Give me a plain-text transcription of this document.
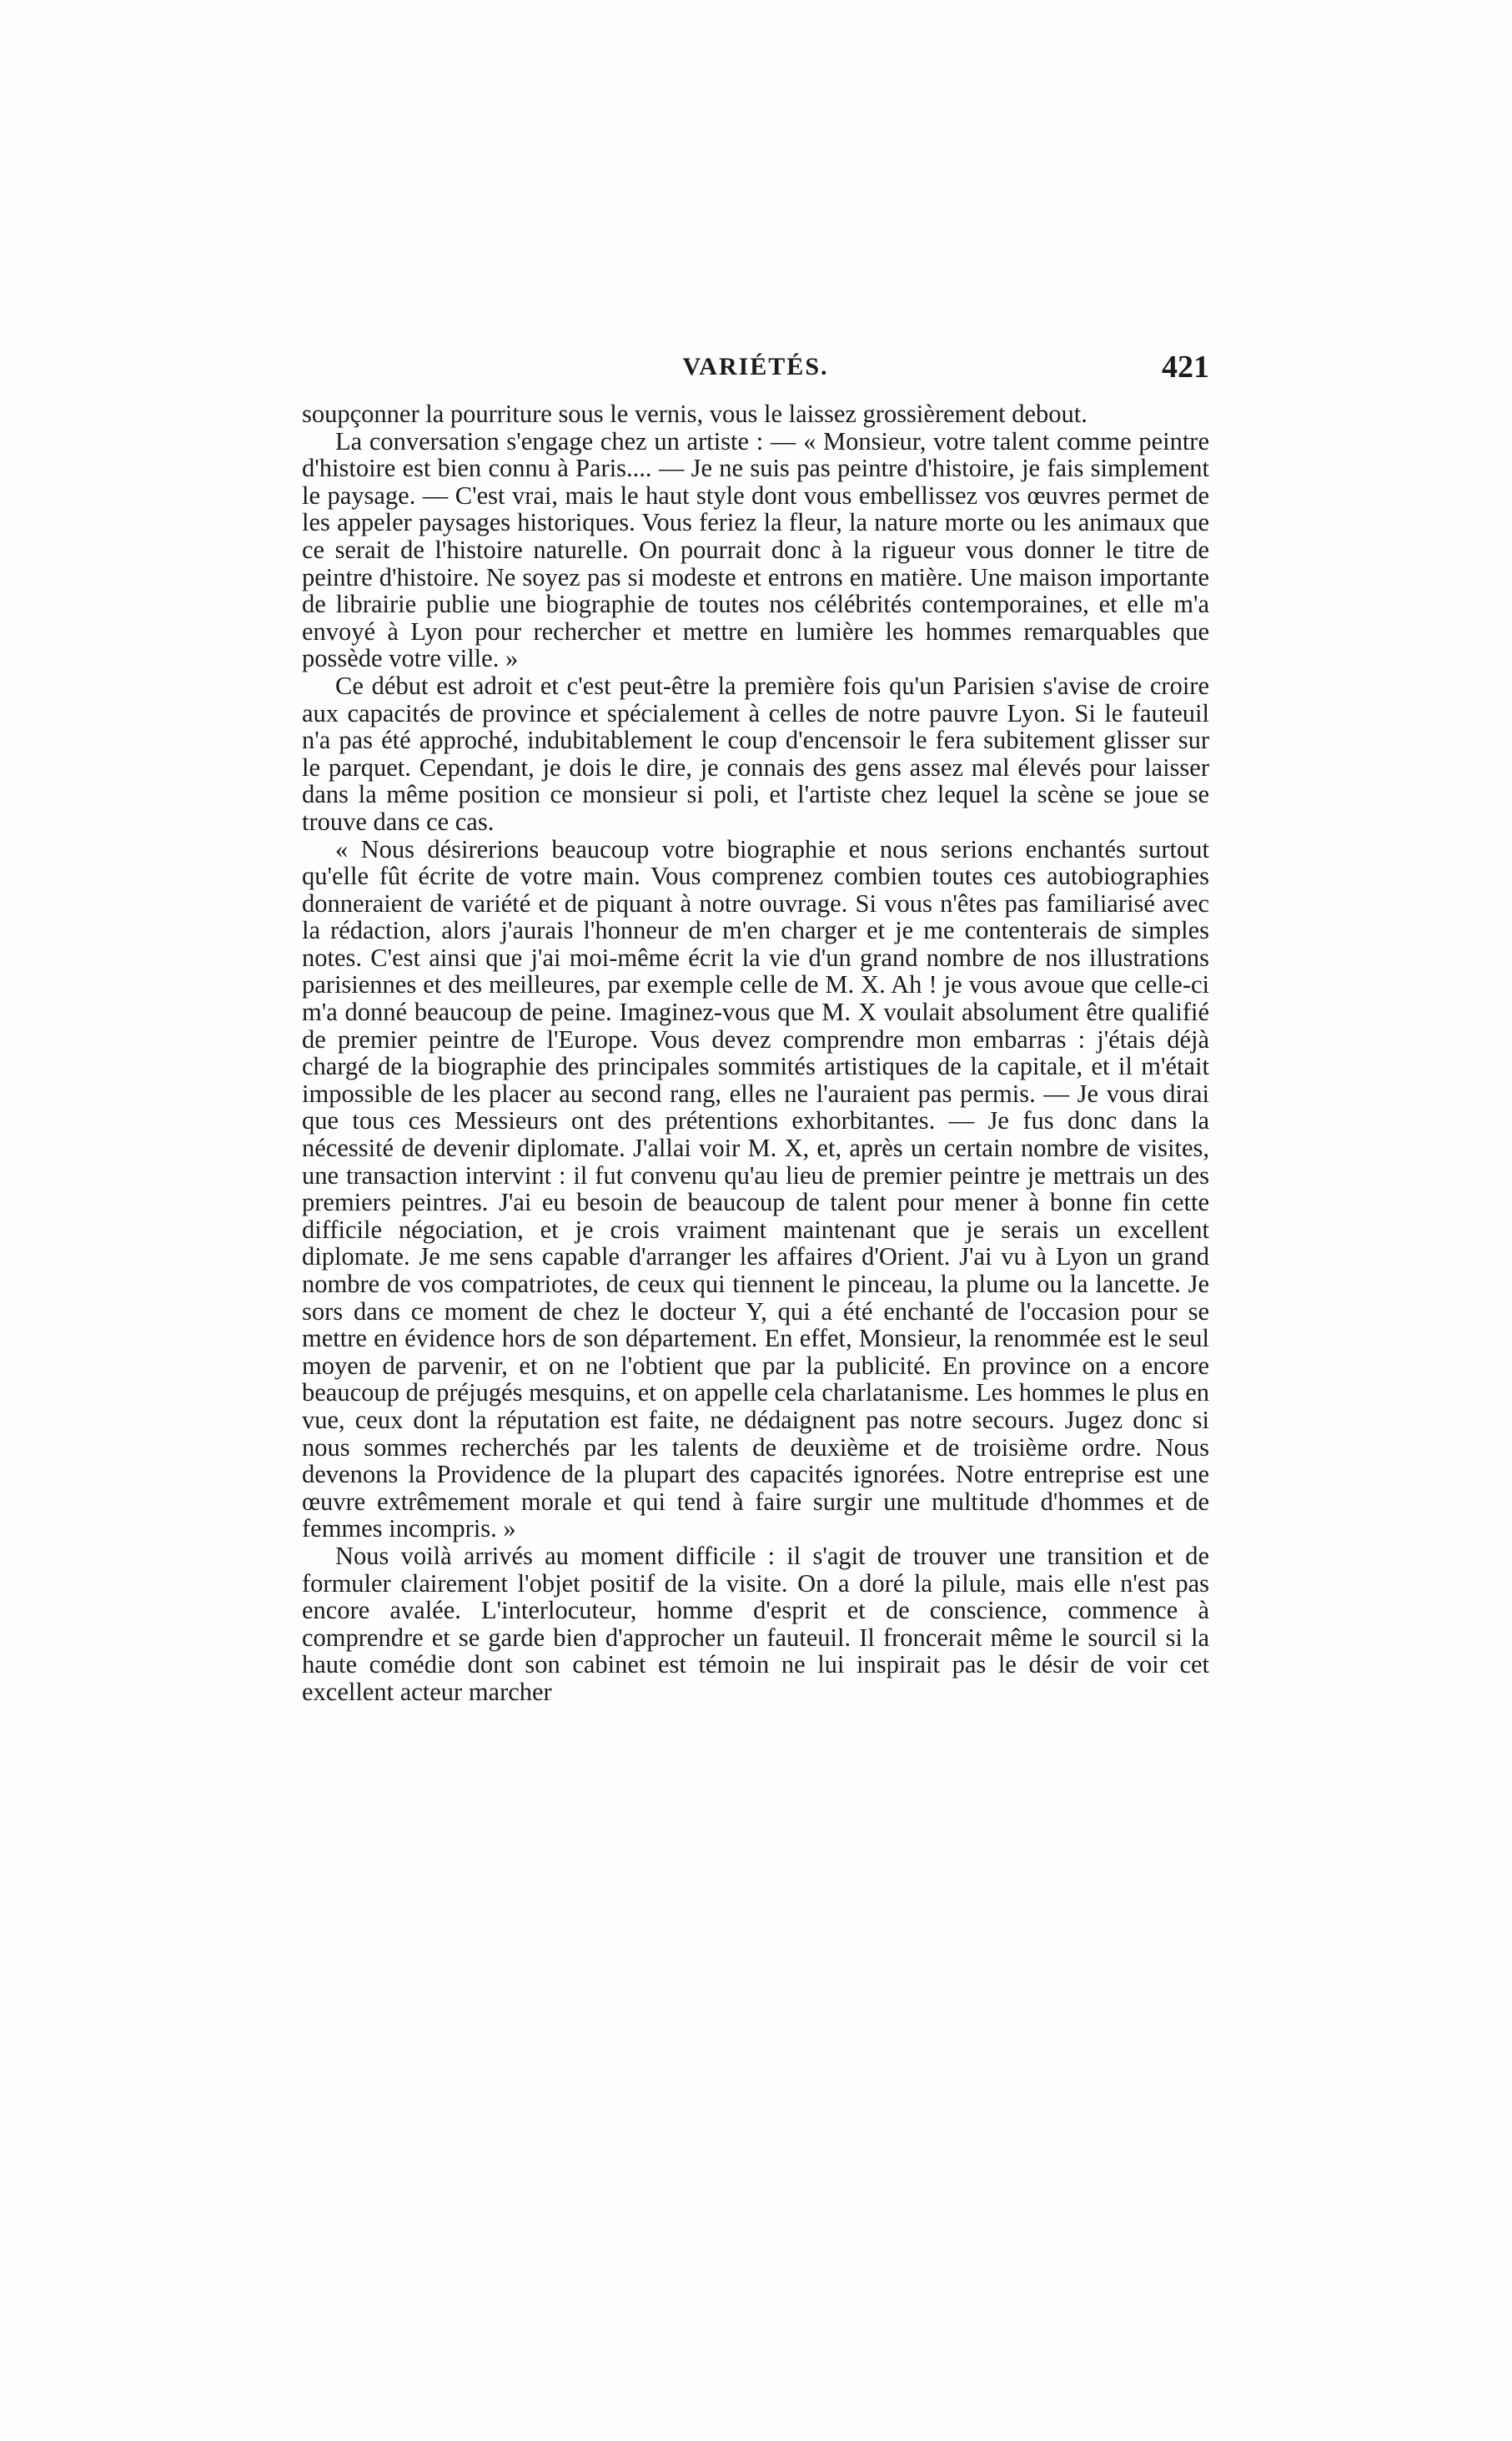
VARIÉTÉS.	421

soupçonner la pourriture sous le vernis, vous le laissez grossièrement debout.

La conversation s'engage chez un artiste : — « Monsieur, votre talent comme peintre d'histoire est bien connu à Paris.... — Je ne suis pas peintre d'histoire, je fais simplement le paysage. — C'est vrai, mais le haut style dont vous embellissez vos œuvres permet de les appeler paysages historiques. Vous feriez la fleur, la nature morte ou les animaux que ce serait de l'histoire naturelle. On pourrait donc à la rigueur vous donner le titre de peintre d'histoire. Ne soyez pas si modeste et entrons en matière. Une maison importante de librairie publie une biographie de toutes nos célébrités contemporaines, et elle m'a envoyé à Lyon pour rechercher et mettre en lumière les hommes remarquables que possède votre ville. »

Ce début est adroit et c'est peut-être la première fois qu'un Parisien s'avise de croire aux capacités de province et spécialement à celles de notre pauvre Lyon. Si le fauteuil n'a pas été approché, indubitablement le coup d'encensoir le fera subitement glisser sur le parquet. Cependant, je dois le dire, je connais des gens assez mal élevés pour laisser dans la même position ce monsieur si poli, et l'artiste chez lequel la scène se joue se trouve dans ce cas.

« Nous désirerions beaucoup votre biographie et nous serions enchantés surtout qu'elle fût écrite de votre main. Vous comprenez combien toutes ces autobiographies donneraient de variété et de piquant à notre ouvrage. Si vous n'êtes pas familiarisé avec la rédaction, alors j'aurais l'honneur de m'en charger et je me contenterais de simples notes. C'est ainsi que j'ai moi-même écrit la vie d'un grand nombre de nos illustrations parisiennes et des meilleures, par exemple celle de M. X. Ah ! je vous avoue que celle-ci m'a donné beaucoup de peine. Imaginez-vous que M. X voulait absolument être qualifié de premier peintre de l'Europe. Vous devez comprendre mon embarras : j'étais déjà chargé de la biographie des principales sommités artistiques de la capitale, et il m'était impossible de les placer au second rang, elles ne l'auraient pas permis. — Je vous dirai que tous ces Messieurs ont des prétentions exhorbitantes. — Je fus donc dans la nécessité de devenir diplomate. J'allai voir M. X, et, après un certain nombre de visites, une transaction intervint : il fut convenu qu'au lieu de premier peintre je mettrais un des premiers peintres. J'ai eu besoin de beaucoup de talent pour mener à bonne fin cette difficile négociation, et je crois vraiment maintenant que je serais un excellent diplomate. Je me sens capable d'arranger les affaires d'Orient. J'ai vu à Lyon un grand nombre de vos compatriotes, de ceux qui tiennent le pinceau, la plume ou la lancette. Je sors dans ce moment de chez le docteur Y, qui a été enchanté de l'occasion pour se mettre en évidence hors de son département. En effet, Monsieur, la renommée est le seul moyen de parvenir, et on ne l'obtient que par la publicité. En province on a encore beaucoup de préjugés mesquins, et on appelle cela charlatanisme. Les hommes le plus en vue, ceux dont la réputation est faite, ne dédaignent pas notre secours. Jugez donc si nous sommes recherchés par les talents de deuxième et de troisième ordre. Nous devenons la Providence de la plupart des capacités ignorées. Notre entreprise est une œuvre extrêmement morale et qui tend à faire surgir une multitude d'hommes et de femmes incompris. »

Nous voilà arrivés au moment difficile : il s'agit de trouver une transition et de formuler clairement l'objet positif de la visite. On a doré la pilule, mais elle n'est pas encore avalée. L'interlocuteur, homme d'esprit et de conscience, commence à comprendre et se garde bien d'approcher un fauteuil. Il froncerait même le sourcil si la haute comédie dont son cabinet est témoin ne lui inspirait pas le désir de voir cet excellent acteur marcher
